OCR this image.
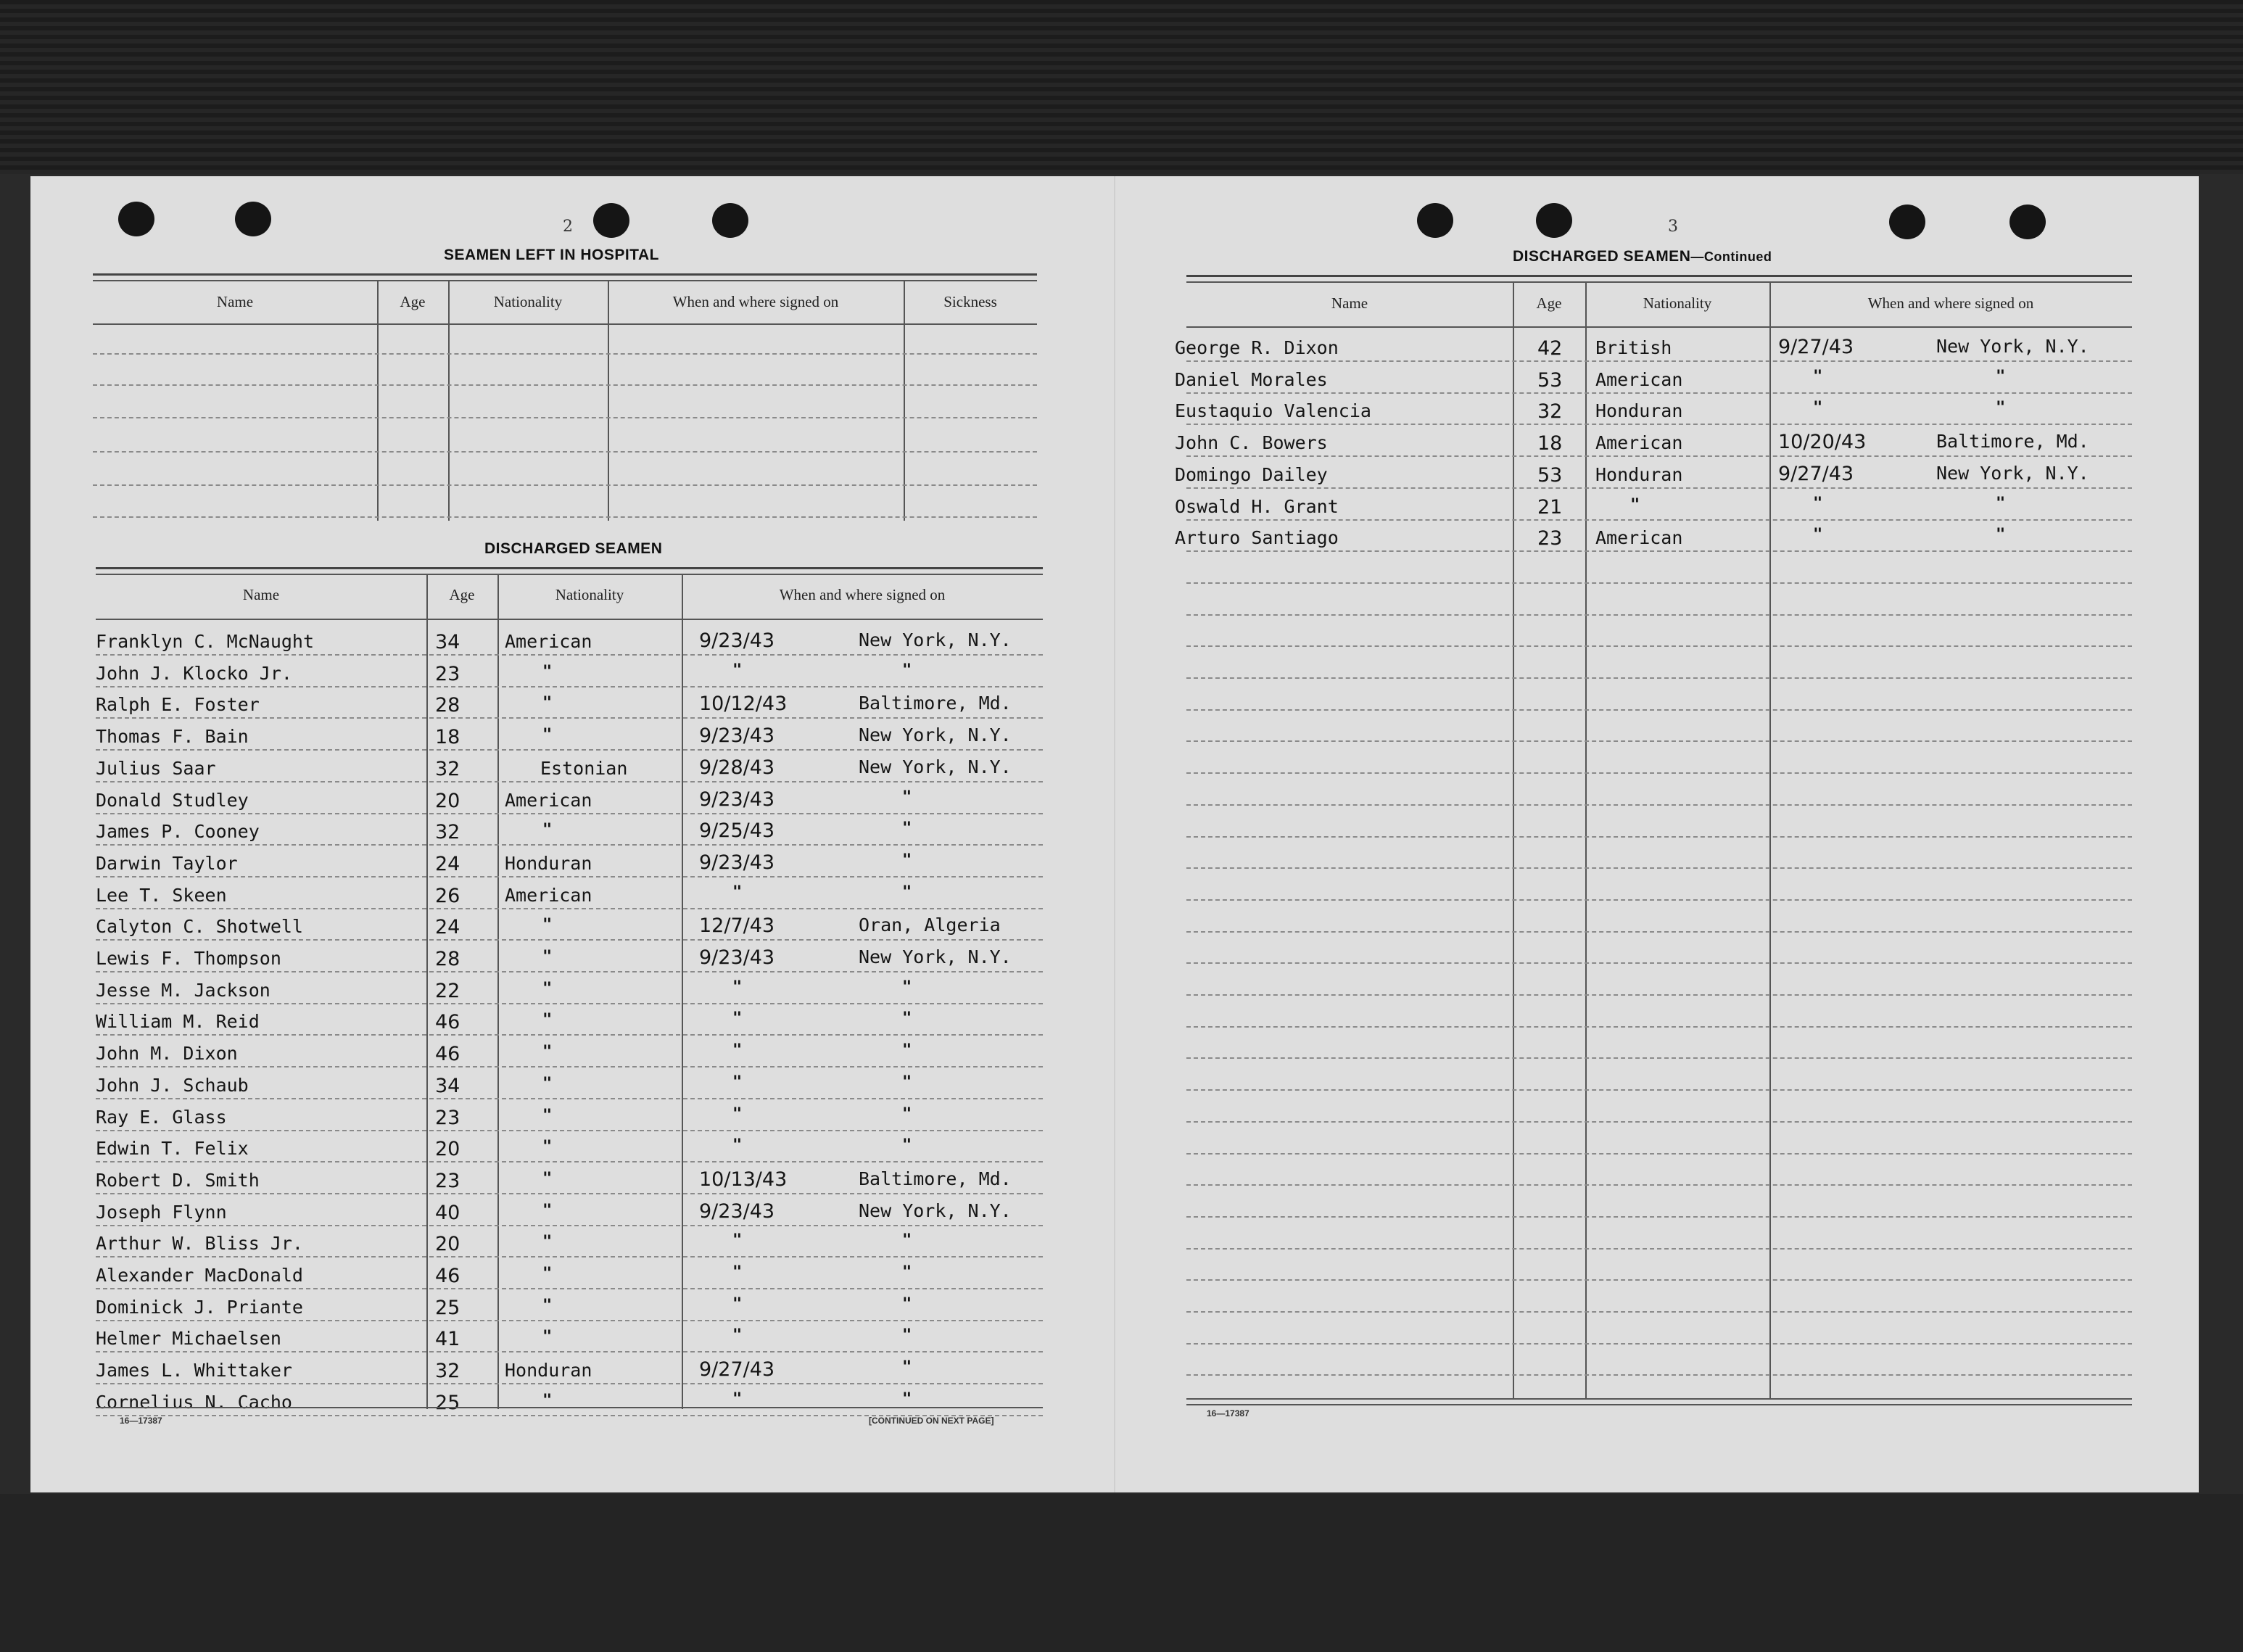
2
SEAMEN LEFT IN HOSPITAL
Name	Age	Nationality	When and where signed on	Sickness
DISCHARGED SEAMEN
Name	Age	Nationality	When and where signed on
Franklyn C. McNaught	34 American	9/23/43	New York, N.Y.
John J. Klocko Jr.	23	"	"	"
Ralph E. Foster	28	"	10/12/43	Baltimore, Md.
Thomas F. Bain	18	"	9/23/43	New York, N.Y.
Julius Saar	32	Estonian	9/28/43	New York, N.Y.
Donald Studley	20 American	9/23/43	"
James P. Cooney	32	"	9/25/43	"
Darwin Taylor	24 Honduran	9/23/43	"
Lee T. Skeen	26 American	"	"
Calyton C. Shotwell	24	"	12/7/43	Oran, Algeria
Lewis F. Thompson	28	"	9/23/43	New York, N.Y.
Jesse M. Jackson	22	"	"	"
William M. Reid	46	"	"	"
John M. Dixon	46	"	"	"
John J. Schaub	34	"	"	"
Ray E. Glass	23	"	"	"
Edwin T. Felix	20	"	"	"
Robert D. Smith	23	"	10/13/43	Baltimore, Md.
Joseph Flynn	40	"	9/23/43	New York, N.Y.
Arthur W. Bliss Jr.	20	"	"	"
Alexander MacDonald	46	"	"	"
Dominick J. Priante	25	"	"	"
Helmer Michaelsen	41	"	"	"
James L. Whittaker	32 Honduran	9/27/43	"
Cornelius N. Cacho	25	"	"	"
16—17387	[CONTINUED ON NEXT PAGE]
3
DISCHARGED SEAMEN—Continued
Name	Age	Nationality	When and where signed on
George R. Dixon	42 British	9/27/43	New York, N.Y.
Daniel Morales	53 American	"	"
Eustaquio Valencia	32 Honduran	"	"
John C. Bowers	18 American	10/20/43	Baltimore, Md.
Domingo Dailey	53 Honduran	9/27/43	New York, N.Y.
Oswald H. Grant	21	"	"	"
Arturo Santiago	23 American	"	"
16—17387
